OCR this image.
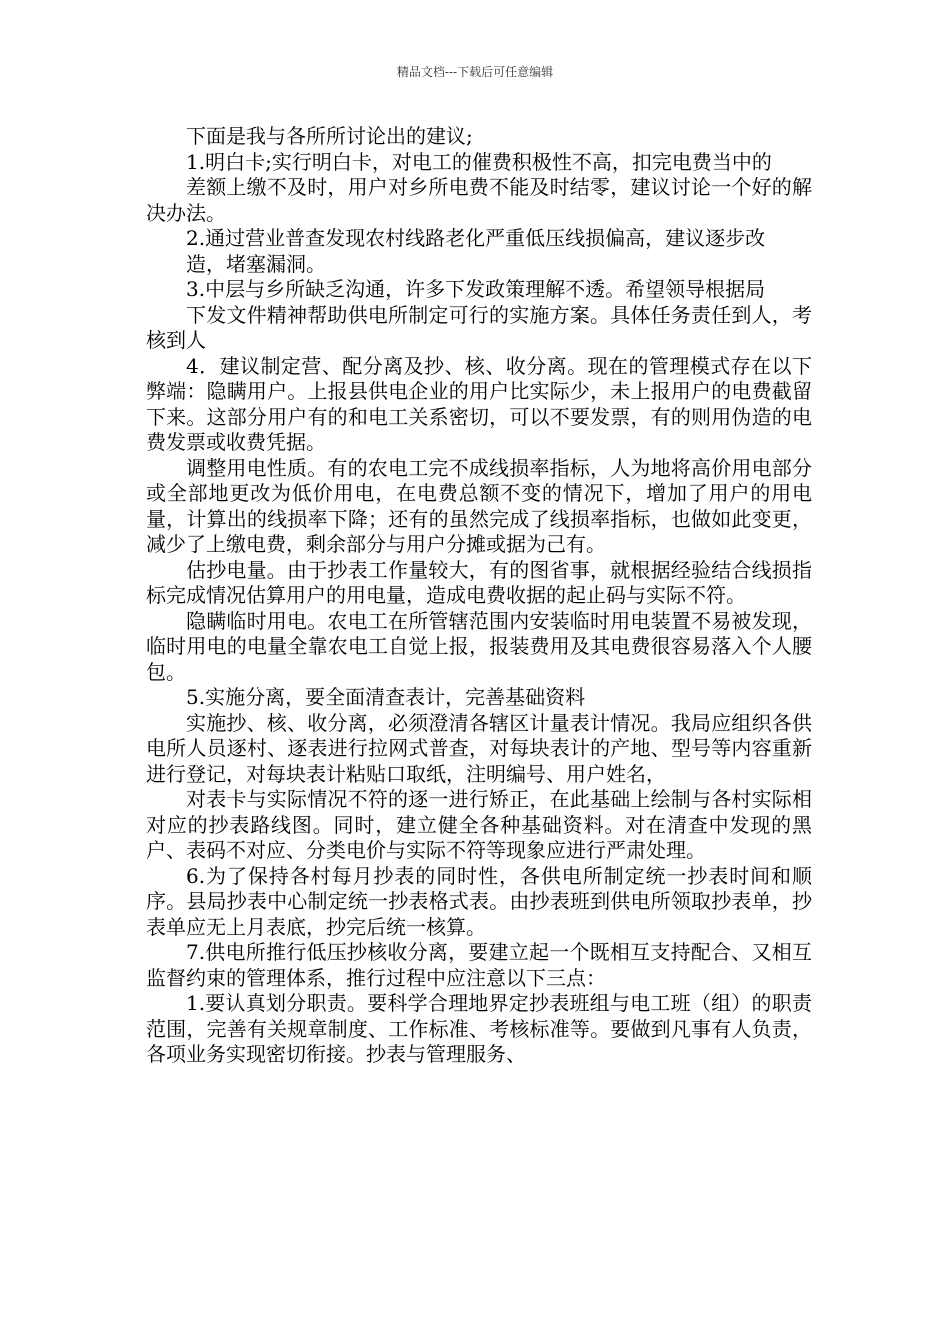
精品文档---下载后可任意编辑

下面是我与各所所讨论出的建议;

1.明白卡;实行明白卡，对电工的催费积极性不高，扣完电费当中的

差额上缴不及时，用户对乡所电费不能及时结零，建议讨论一个好的解决办法。

2.通过营业普查发现农村线路老化严重低压线损偏高，建议逐步改

造，堵塞漏洞。

3.中层与乡所缺乏沟通，许多下发政策理解不透。希望领导根据局

下发文件精神帮助供电所制定可行的实施方案。具体任务责任到人，考核到人

4．建议制定营、配分离及抄、核、收分离。现在的管理模式存在以下弊端：隐瞒用户。上报县供电企业的用户比实际少，未上报用户的电费截留下来。这部分用户有的和电工关系密切，可以不要发票，有的则用伪造的电费发票或收费凭据。

调整用电性质。有的农电工完不成线损率指标，人为地将高价用电部分或全部地更改为低价用电，在电费总额不变的情况下，增加了用户的用电量，计算出的线损率下降；还有的虽然完成了线损率指标，也做如此变更，减少了上缴电费，剩余部分与用户分摊或据为己有。

估抄电量。由于抄表工作量较大，有的图省事，就根据经验结合线损指标完成情况估算用户的用电量，造成电费收据的起止码与实际不符。

隐瞒临时用电。农电工在所管辖范围内安装临时用电装置不易被发现，临时用电的电量全靠农电工自觉上报，报装费用及其电费很容易落入个人腰包。

5.实施分离，要全面清查表计，完善基础资料

实施抄、核、收分离，必须澄清各辖区计量表计情况。我局应组织各供电所人员逐村、逐表进行拉网式普查，对每块表计的产地、型号等内容重新进行登记，对每块表计粘贴口取纸，注明编号、用户姓名，

对表卡与实际情况不符的逐一进行矫正，在此基础上绘制与各村实际相对应的抄表路线图。同时，建立健全各种基础资料。对在清查中发现的黑户、表码不对应、分类电价与实际不符等现象应进行严肃处理。

6.为了保持各村每月抄表的同时性，各供电所制定统一抄表时间和顺序。县局抄表中心制定统一抄表格式表。由抄表班到供电所领取抄表单，抄表单应无上月表底，抄完后统一核算。

7.供电所推行低压抄核收分离，要建立起一个既相互支持配合、又相互监督约束的管理体系，推行过程中应注意以下三点：

1.要认真划分职责。要科学合理地界定抄表班组与电工班（组）的职责范围，完善有关规章制度、工作标准、考核标准等。要做到凡事有人负责，各项业务实现密切衔接。抄表与管理服务、
